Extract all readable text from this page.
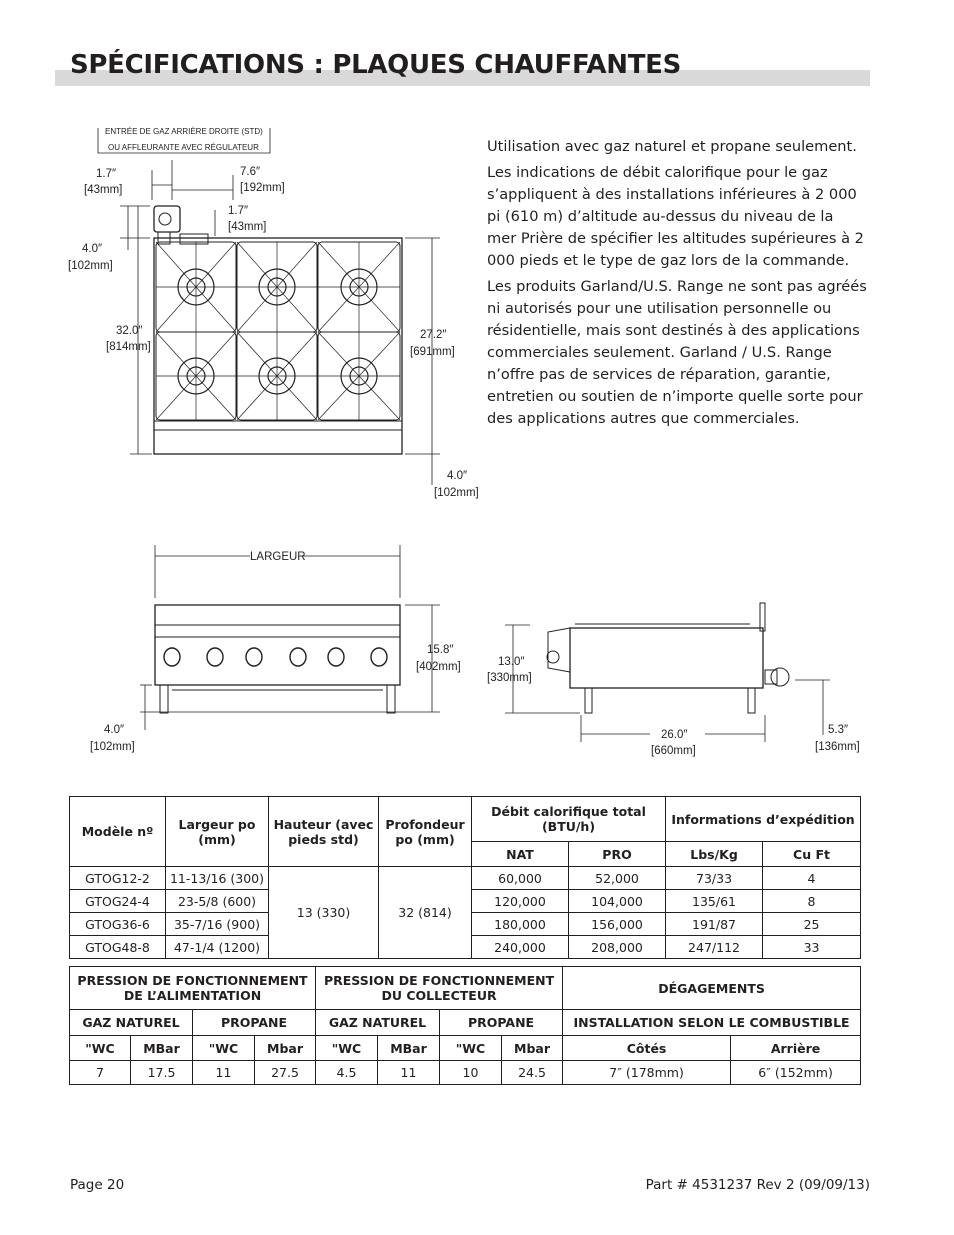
SPÉCIFICATIONS : PLAQUES CHAUFFANTES

Utilisation avec gaz naturel et propane seulement.

Les indications de débit calorifique pour le gaz s’appliquent à des installations inférieures à 2 000 pi (610 m) d’altitude au-dessus du niveau de la mer Prière de spécifier les altitudes supérieures à 2 000 pieds et le type de gaz lors de la commande.

Les produits Garland/U.S. Range ne sont pas agréés ni autorisés pour une utilisation personnelle ou résidentielle, mais sont destinés à des applications commerciales seulement. Garland / U.S. Range n’offre pas de services de réparation, garantie, entretien ou soutien de n’importe quelle sorte pour des applications autres que commerciales.

ENTRÉE DE GAZ ARRIÈRE DROITE (STD)
OU AFFLEURANTE AVEC RÉGULATEUR
1.7″
[43mm]
7.6″
[192mm]
1.7″
[43mm]
4.0″
[102mm]
32.0″
[814mm]
27.2″
[691mm]
4.0″
[102mm]
LARGEUR
15.8″
[402mm]
4.0″
[102mm]
13.0″
[330mm]
26.0″
[660mm]
5.3″
[136mm]
Modèle nº	Largeur po (mm)	Hauteur (avec pieds std)	Profondeur po (mm)	Débit calorifique total (BTU/h)		Informations d’expédition	
				NAT	PRO	Lbs/Kg	Cu Ft
GTOG12-2	11-13/16 (300)	13 (330)	32 (814)	60,000	52,000	73/33	4
GTOG24-4	23-5/8 (600)			120,000	104,000	135/61	8
GTOG36-6	35-7/16 (900)			180,000	156,000	191/87	25
GTOG48-8	47-1/4 (1200)			240,000	208,000	247/112	33
PRESSION DE FONCTIONNEMENT DE L’ALIMENTATION				PRESSION DE FONCTIONNEMENT DU COLLECTEUR				DÉGAGEMENTS	
GAZ NATUREL		PROPANE		GAZ NATUREL		PROPANE		INSTALLATION SELON LE COMBUSTIBLE	
"WC	MBar	"WC	Mbar	"WC	MBar	"WC	Mbar	Côtés	Arrière
7	17.5	11	27.5	4.5	11	10	24.5	7″ (178mm)	6″ (152mm)
Page 20	Part # 4531237 Rev 2 (09/09/13)
